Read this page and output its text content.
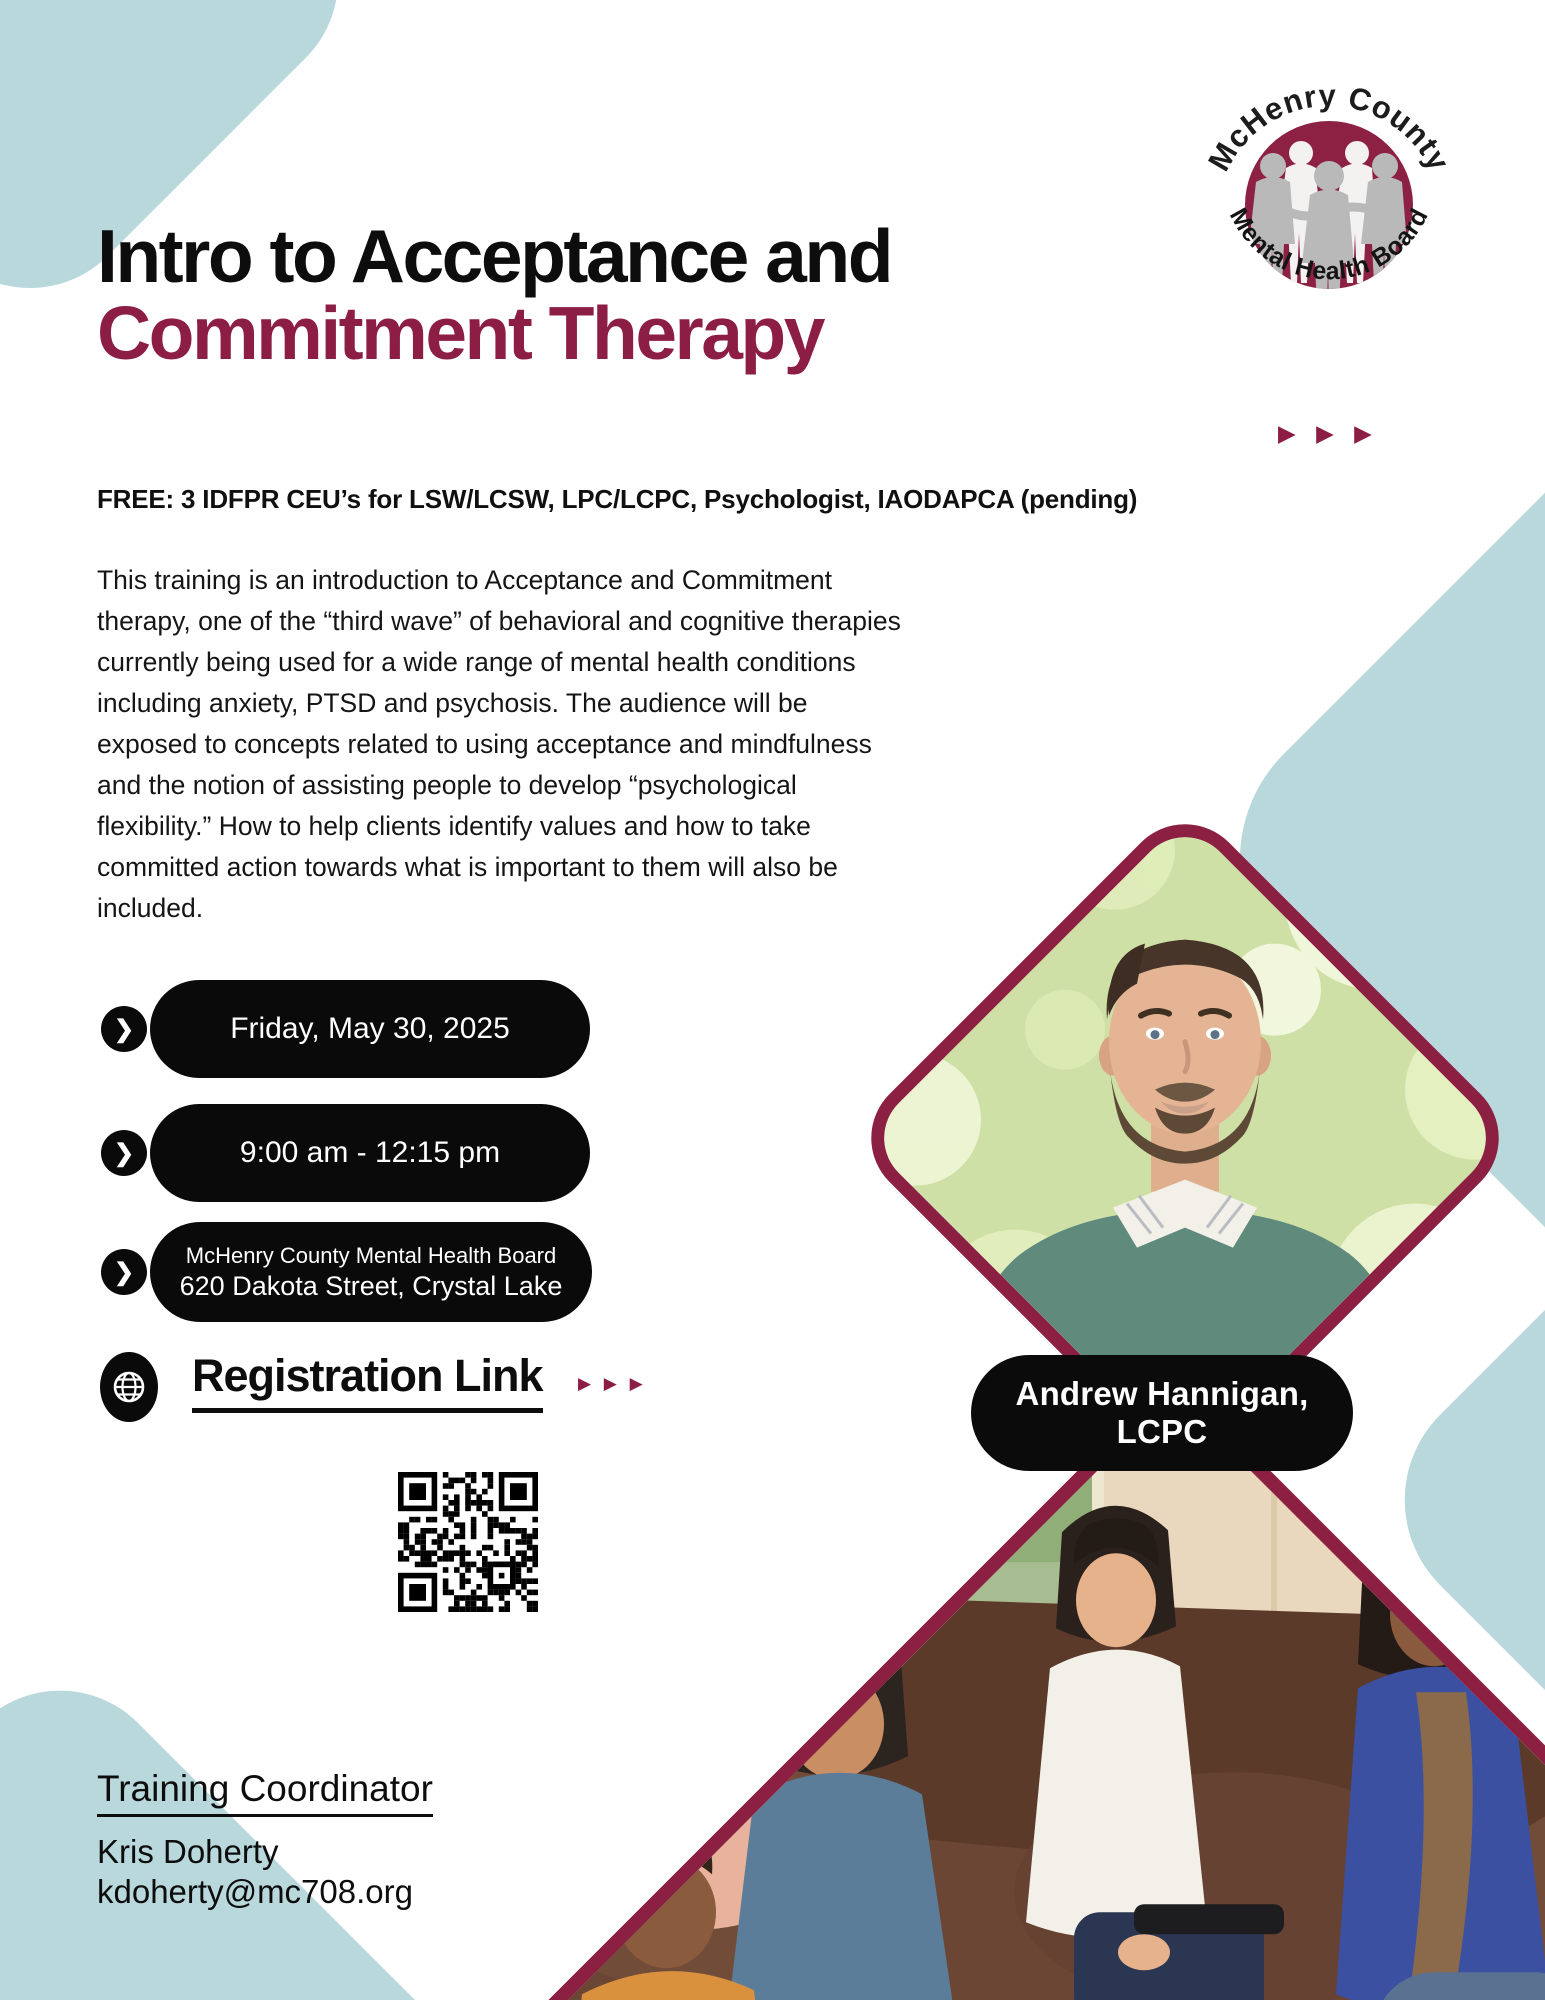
McHenry County
Mental Health Board
Intro to Acceptance and
Commitment Therapy
▶ ▶ ▶
FREE: 3 IDFPR CEU’s for LSW/LCSW, LPC/LCPC, Psychologist, IAODAPCA (pending)
This training is an introduction to Acceptance and Commitment therapy, one of the “third wave” of behavioral and cognitive therapies currently being used for a wide range of mental health conditions including anxiety, PTSD and psychosis. The audience will be exposed to concepts related to using acceptance and mindfulness and the notion of assisting people to develop “psychological flexibility.” How to help clients identify values and how to take committed action towards what is important to them will also be included.
Andrew Hannigan,
LCPC
❯	Friday, May 30, 2025
❯	9:00 am - 12:15 pm
❯
McHenry County Mental Health Board
620 Dakota Street, Crystal Lake
Registration Link ▶ ▶ ▶
Training Coordinator
Kris Doherty
kdoherty@mc708.org
